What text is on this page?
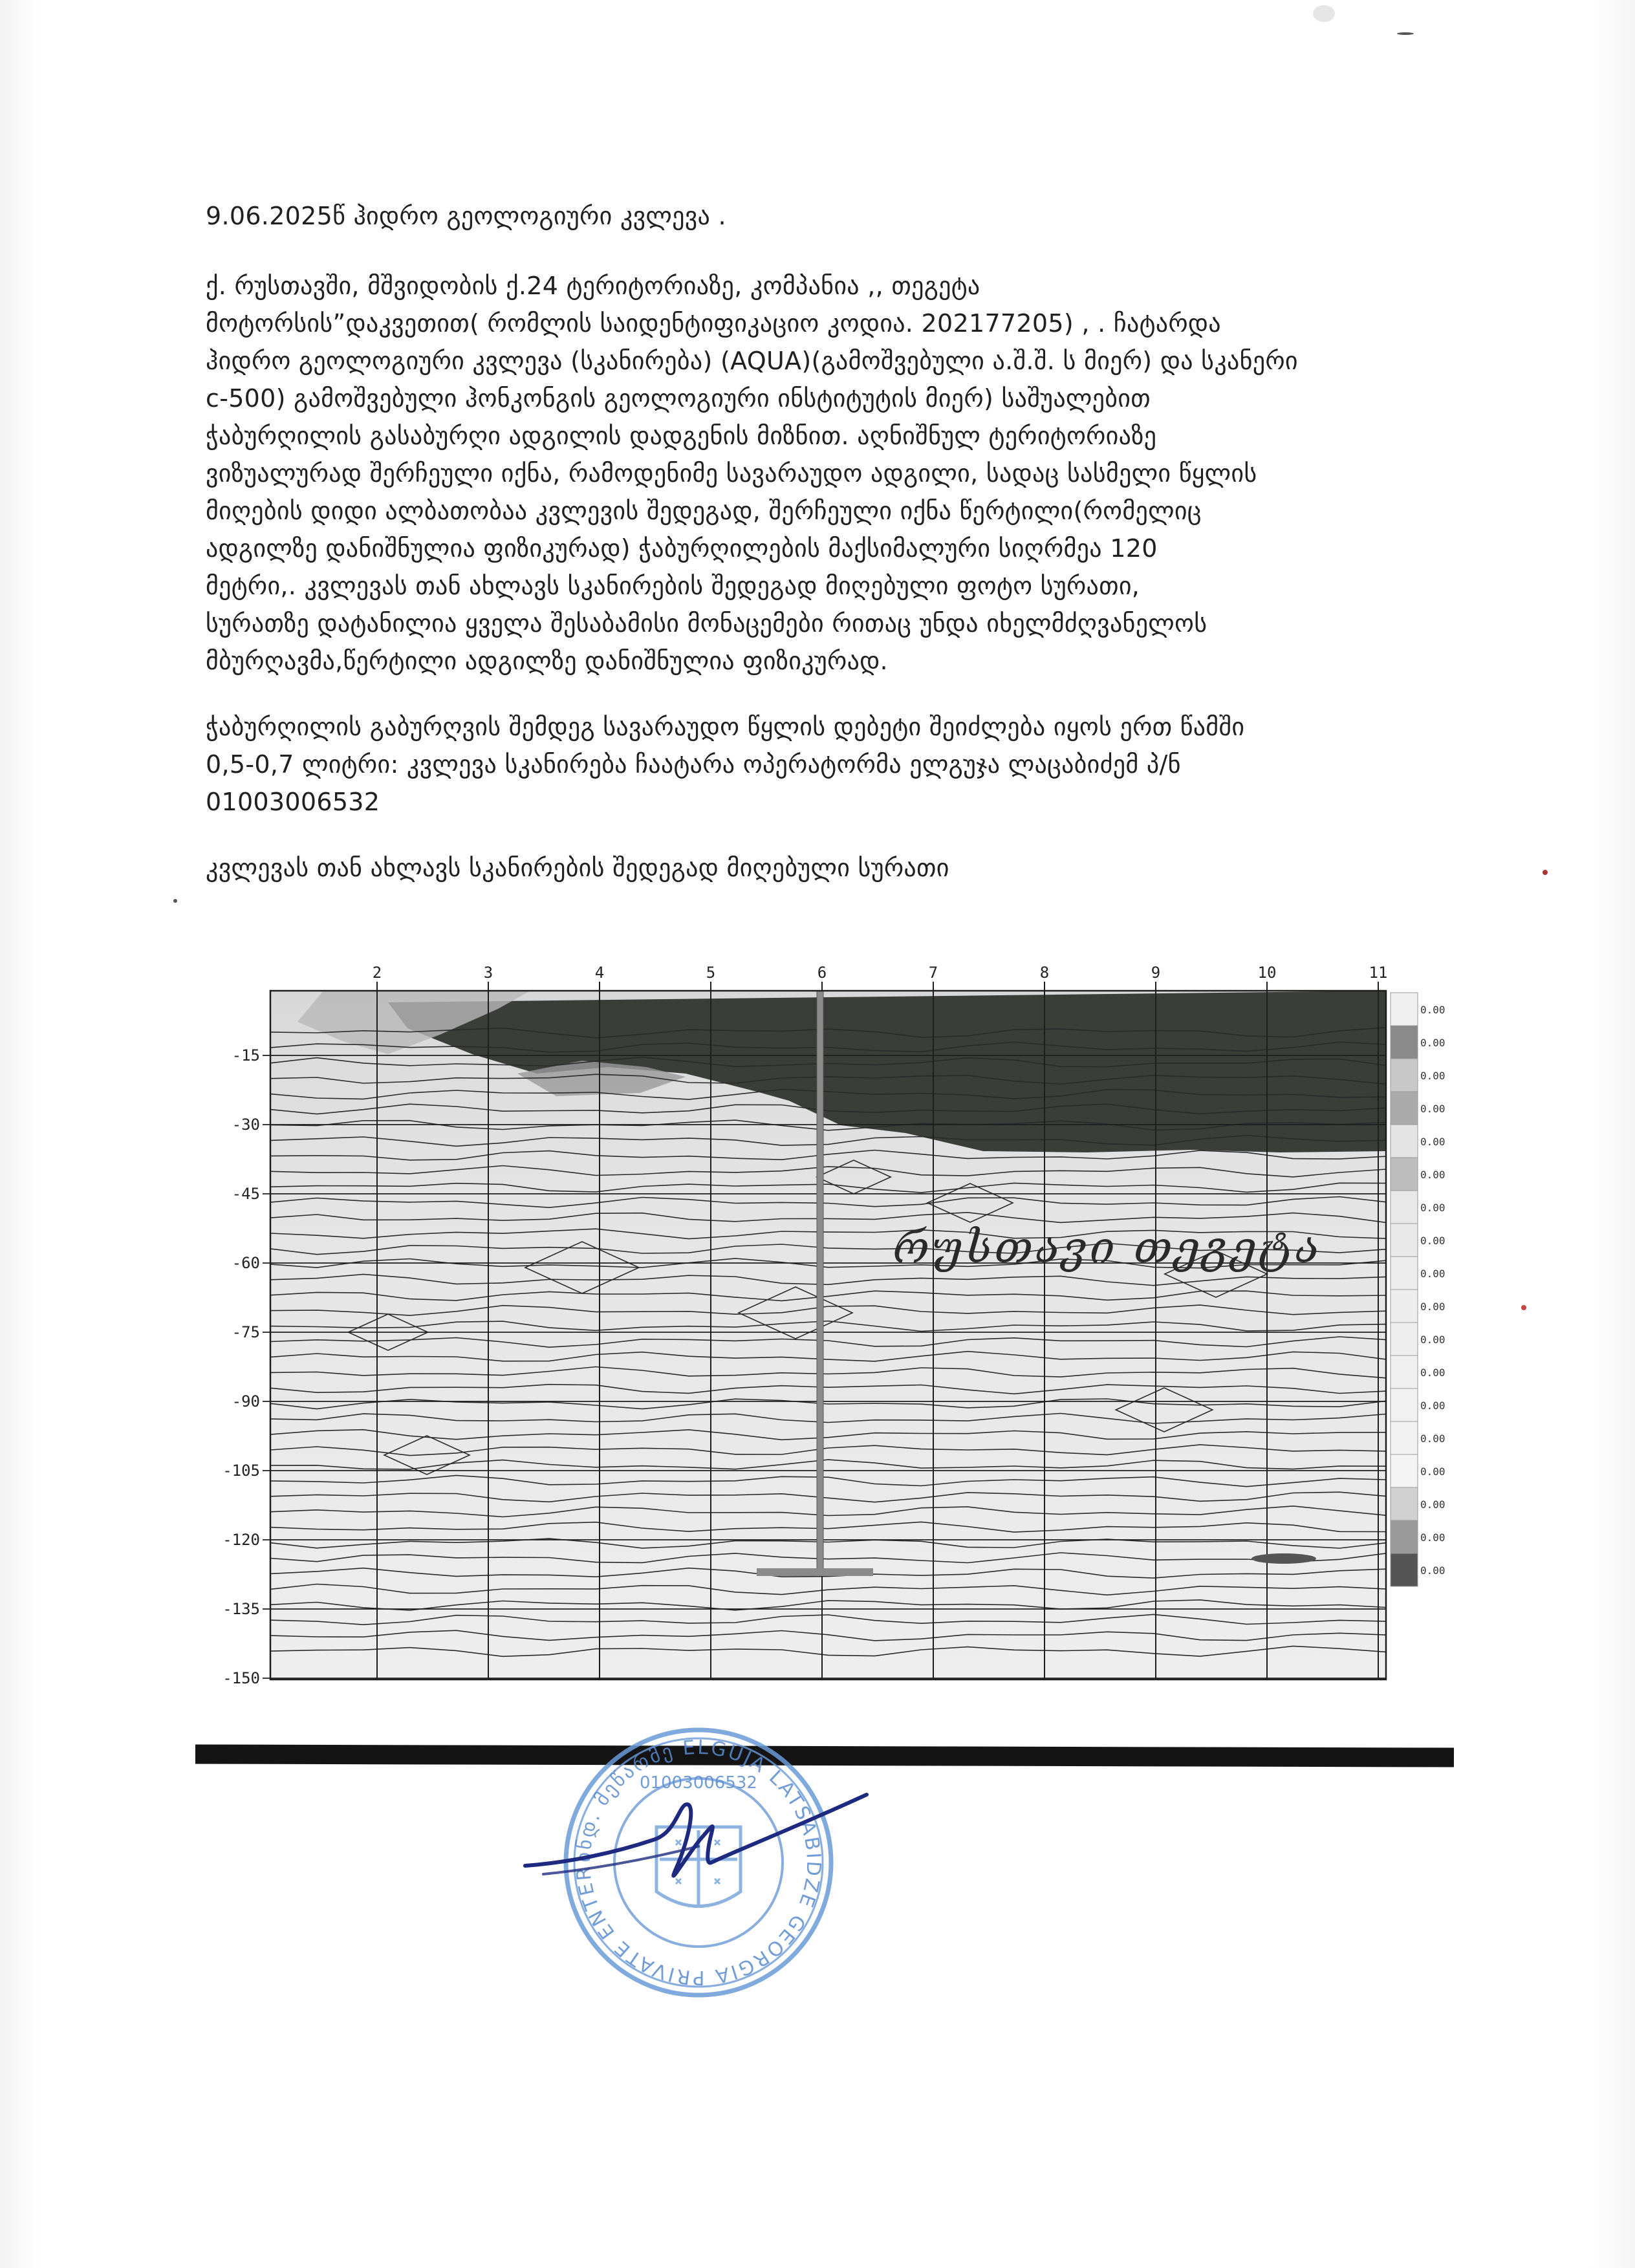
9.06.2025წ ჰიდრო გეოლოგიური კვლევა .
ქ. რუსთავში, მშვიდობის ქ.24 ტერიტორიაზე, კომპანია ,, თეგეტა
მოტორსის”დაკვეთით( რომლის საიდენტიფიკაციო კოდია. 202177205) , . ჩატარდა
ჰიდრო გეოლოგიური კვლევა (სკანირება) (AQUA)(გამოშვებული ა.შ.შ. ს მიერ) და სკანერი
c-500) გამოშვებული ჰონკონგის გეოლოგიური ინსტიტუტის მიერ) საშუალებით
ჭაბურღილის გასაბურღი ადგილის დადგენის მიზნით. აღნიშნულ ტერიტორიაზე
ვიზუალურად შერჩეული იქნა, რამოდენიმე სავარაუდო ადგილი, სადაც სასმელი წყლის
მიღების დიდი ალბათობაა კვლევის შედეგად, შერჩეული იქნა წერტილი(რომელიც
ადგილზე დანიშნულია ფიზიკურად) ჭაბურღილების მაქსიმალური სიღრმეა 120
მეტრი,. კვლევას თან ახლავს სკანირების შედეგად მიღებული ფოტო სურათი,
სურათზე დატანილია ყველა შესაბამისი მონაცემები რითაც უნდა იხელმძღვანელოს
მბურღავმა,წერტილი ადგილზე დანიშნულია ფიზიკურად.
ჭაბურღილის გაბურღვის შემდეგ სავარაუდო წყლის დებეტი შეიძლება იყოს ერთ წამში
0,5-0,7 ლიტრი: კვლევა სკანირება ჩაატარა ოპერატორმა ელგუჯა ლაცაბიძემ პ/ნ
01003006532
კვლევას თან ახლავს სკანირების შედეგად მიღებული სურათი
2	3	4	5	6	7	8	9	10	11
-15
-30
-45
-60
-75
-90
-105
-120
-135
-150
0.00
0.00
0.00
0.00
0.00
0.00
0.00
0.00
0.00
0.00
0.00
0.00
0.00
0.00
0.00
0.00
0.00
0.00
რუსთავი თეგეტა
ინდ. მეწარმე ELGUJA LATSABIDZE GEORGIA PRIVATE ENTER
01003006532
